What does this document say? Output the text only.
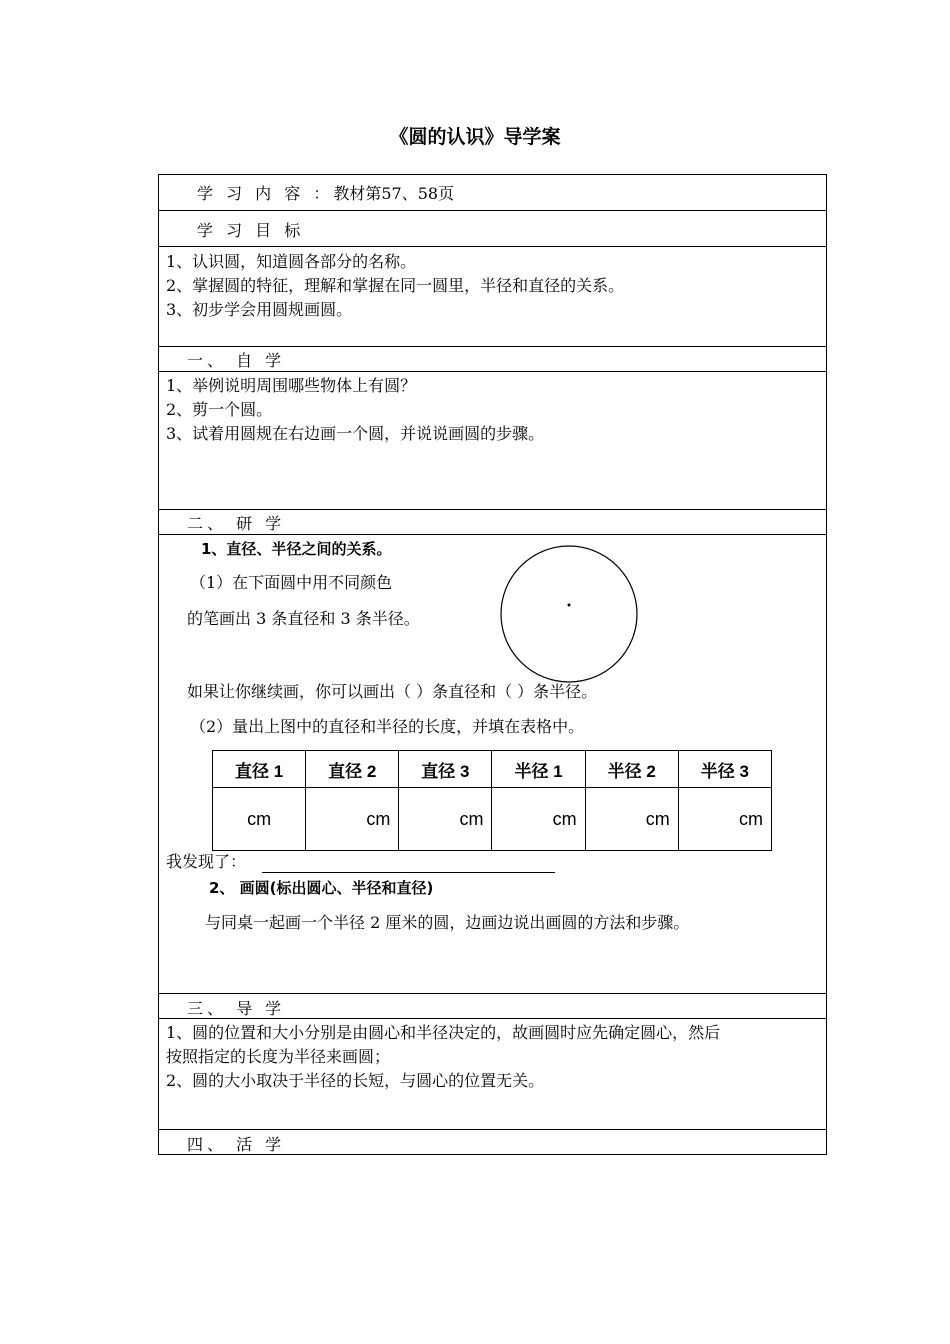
《圆的认识》导学案
学 习 内 容 ：教材第57、58页
学 习 目 标
1、认识圆，知道圆各部分的名称。
2、掌握圆的特征，理解和掌握在同一圆里，半径和直径的关系。
3、初步学会用圆规画圆。
一、 自 学
1、举例说明周围哪些物体上有圆？
2、剪一个圆。
3、试着用圆规在右边画一个圆，并说说画圆的步骤。
二、 研 学
1、直径、半径之间的关系。
（1）在下面圆中用不同颜色
的笔画出 3 条直径和 3 条半径。
如果让你继续画，你可以画出（ ）条直径和（ ）条半径。
（2）量出上图中的直径和半径的长度，并填在表格中。
直径 1	直径 2	直径 3	半径 1	半径 2	半径 3
cm	cm	cm	cm	cm	cm
我发现了：
2、 画圆(标出圆心、半径和直径)
与同桌一起画一个半径 2 厘米的圆，边画边说出画圆的方法和步骤。
三、 导 学
1、圆的位置和大小分别是由圆心和半径决定的，故画圆时应先确定圆心，然后
按照指定的长度为半径来画圆；
2、圆的大小取决于半径的长短，与圆心的位置无关。
四、 活 学
